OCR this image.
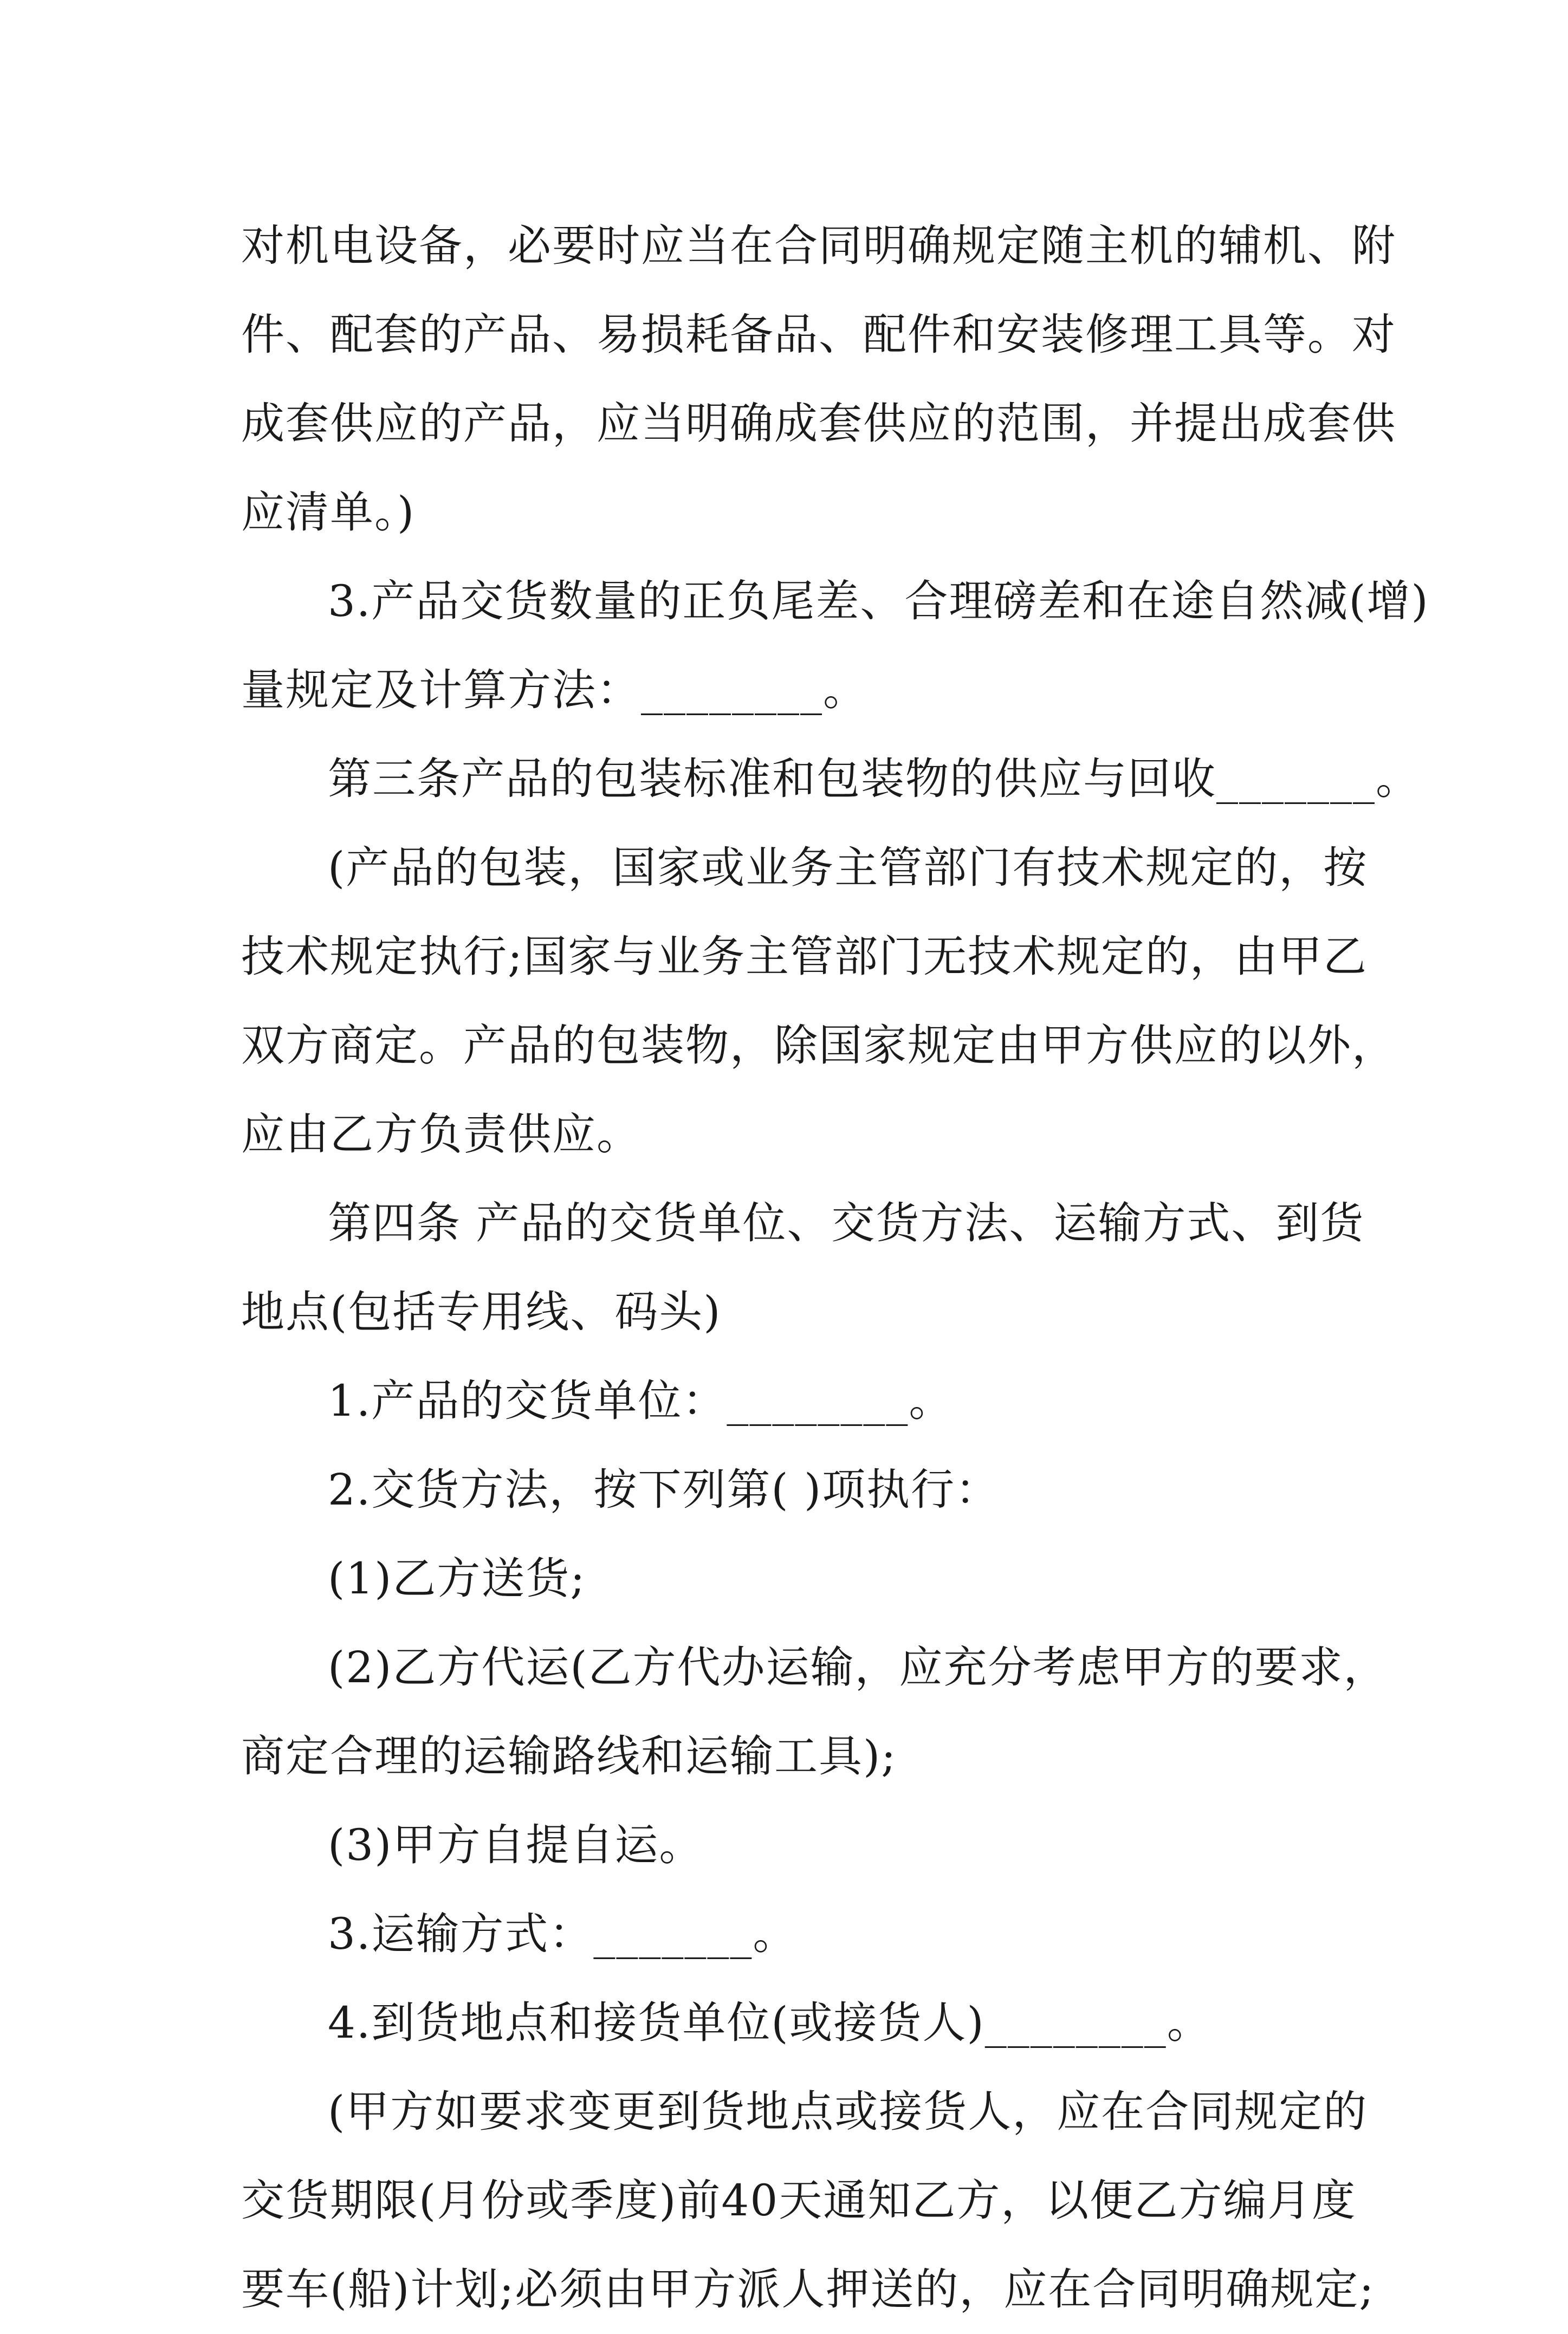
对机电设备，必要时应当在合同明确规定随主机的辅机、附
件、配套的产品、易损耗备品、配件和安装修理工具等。对
成套供应的产品，应当明确成套供应的范围，并提出成套供
应清单。)
3.产品交货数量的正负尾差、合理磅差和在途自然减(增)
量规定及计算方法：________。
第三条产品的包装标准和包装物的供应与回收_______。
(产品的包装，国家或业务主管部门有技术规定的，按
技术规定执行;国家与业务主管部门无技术规定的，由甲乙
双方商定。产品的包装物，除国家规定由甲方供应的以外，
应由乙方负责供应。
第四条 产品的交货单位、交货方法、运输方式、到货
地点(包括专用线、码头)
1.产品的交货单位：________。
2.交货方法，按下列第( )项执行：
(1)乙方送货;
(2)乙方代运(乙方代办运输，应充分考虑甲方的要求，
商定合理的运输路线和运输工具);
(3)甲方自提自运。
3.运输方式：_______。
4.到货地点和接货单位(或接货人)________。
(甲方如要求变更到货地点或接货人，应在合同规定的
交货期限(月份或季度)前40天通知乙方，以便乙方编月度
要车(船)计划;必须由甲方派人押送的，应在合同明确规定;
